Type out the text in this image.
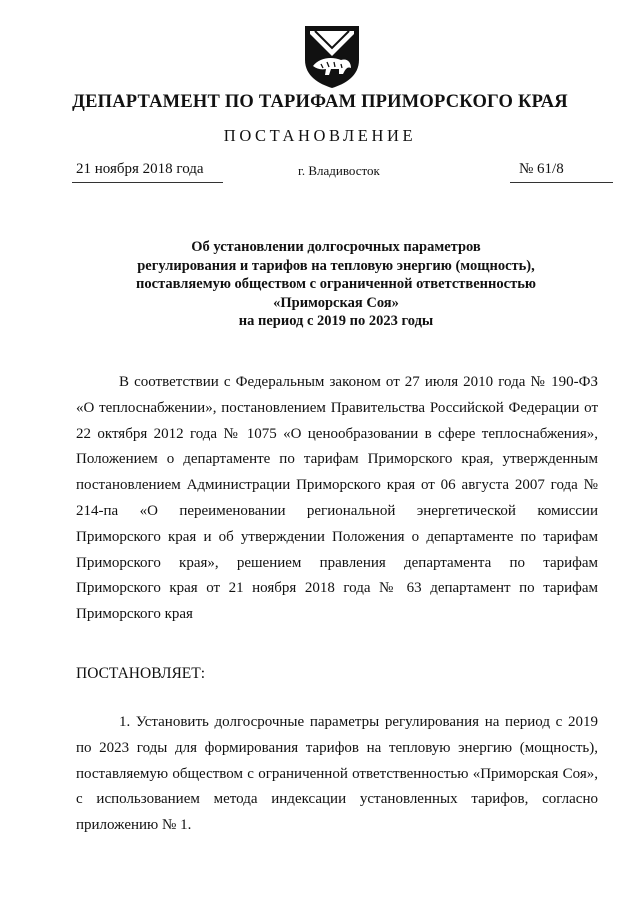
ДЕПАРТАМЕНТ ПО ТАРИФАМ ПРИМОРСКОГО КРАЯ
ПОСТАНОВЛЕНИЕ
21 ноября 2018 года	г. Владивосток	№ 61/8
Об установлении долгосрочных параметров
регулирования и тарифов на тепловую энергию (мощность),
поставляемую обществом с ограниченной ответственностью
«Приморская Соя»
на период с 2019 по 2023 годы
В соответствии с Федеральным законом от 27 июля 2010 года № 190-ФЗ «О теплоснабжении», постановлением Правительства Российской Федерации от 22 октября 2012 года № 1075 «О ценообразовании в сфере теплоснабжения», Положением о департаменте по тарифам Приморского края, утвержденным постановлением Администрации Приморского края от 06 августа 2007 года № 214-па «О переименовании региональной энергетической комиссии Приморского края и об утверждении Положения о департаменте по тарифам Приморского края», решением правления департамента по тарифам Приморского края от 21 ноября 2018 года № 63 департамент по тарифам Приморского края
ПОСТАНОВЛЯЕТ:
1. Установить долгосрочные параметры регулирования на период с 2019 по 2023 годы для формирования тарифов на тепловую энергию (мощность), поставляемую обществом с ограниченной ответственностью «Приморская Соя», с использованием метода индексации установленных тарифов, согласно приложению № 1.
